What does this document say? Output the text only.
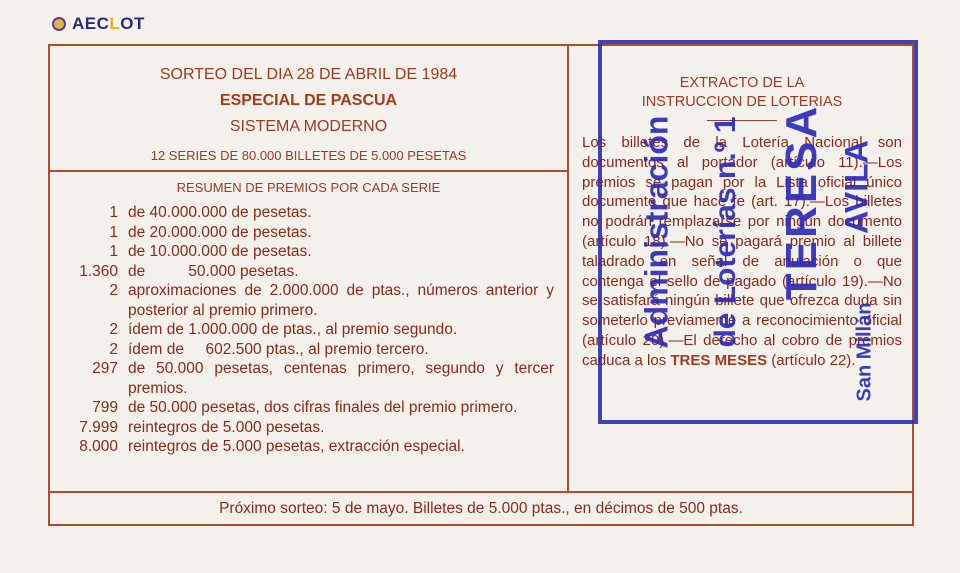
AECLOT
SORTEO DEL DIA 28 DE ABRIL DE 1984
ESPECIAL DE PASCUA
SISTEMA MODERNO
12 SERIES DE 80.000 BILLETES DE 5.000 PESETAS
RESUMEN DE PREMIOS POR CADA SERIE
1 de 40.000.000 de pesetas.
1 de 20.000.000 de pesetas.
1 de 10.000.000 de pesetas.
1.360 de          50.000 pesetas.
2 aproximaciones de 2.000.000 de ptas., números anterior y posterior al premio primero.
2 ídem de 1.000.000 de ptas., al premio segundo.
2 ídem de     602.500 ptas., al premio tercero.
297 de 50.000 pesetas, centenas primero, segundo y tercer premios.
799 de 50.000 pesetas, dos cifras finales del premio primero.
7.999 reintegros de 5.000 pesetas.
8.000 reintegros de 5.000 pesetas, extracción especial.
EXTRACTO DE LA
INSTRUCCION DE LOTERIAS
Los billetes de la Lotería Nacional son documentos al portador (artículo 11).—Los premios se pagan por la Lista oficial único documento que hace fe (art. 17).—Los billetes no podrán remplazarse por ningún documento (artículo 18).—No se pagará premio al billete taladrado en señal de anulación o que contenga el sello de pagado (artículo 19).—No se satisfará ningún billete que ofrezca duda sin someterlo previamente a reconocimiento oficial (artículo 20).—El derecho al cobro de premios caduca a los TRES MESES (artículo 22).
Próximo sorteo: 5 de mayo. Billetes de 5.000 ptas., en décimos de 500 ptas.
Administración de Loterías n.º 1 TERESA AVILA
San Millán
